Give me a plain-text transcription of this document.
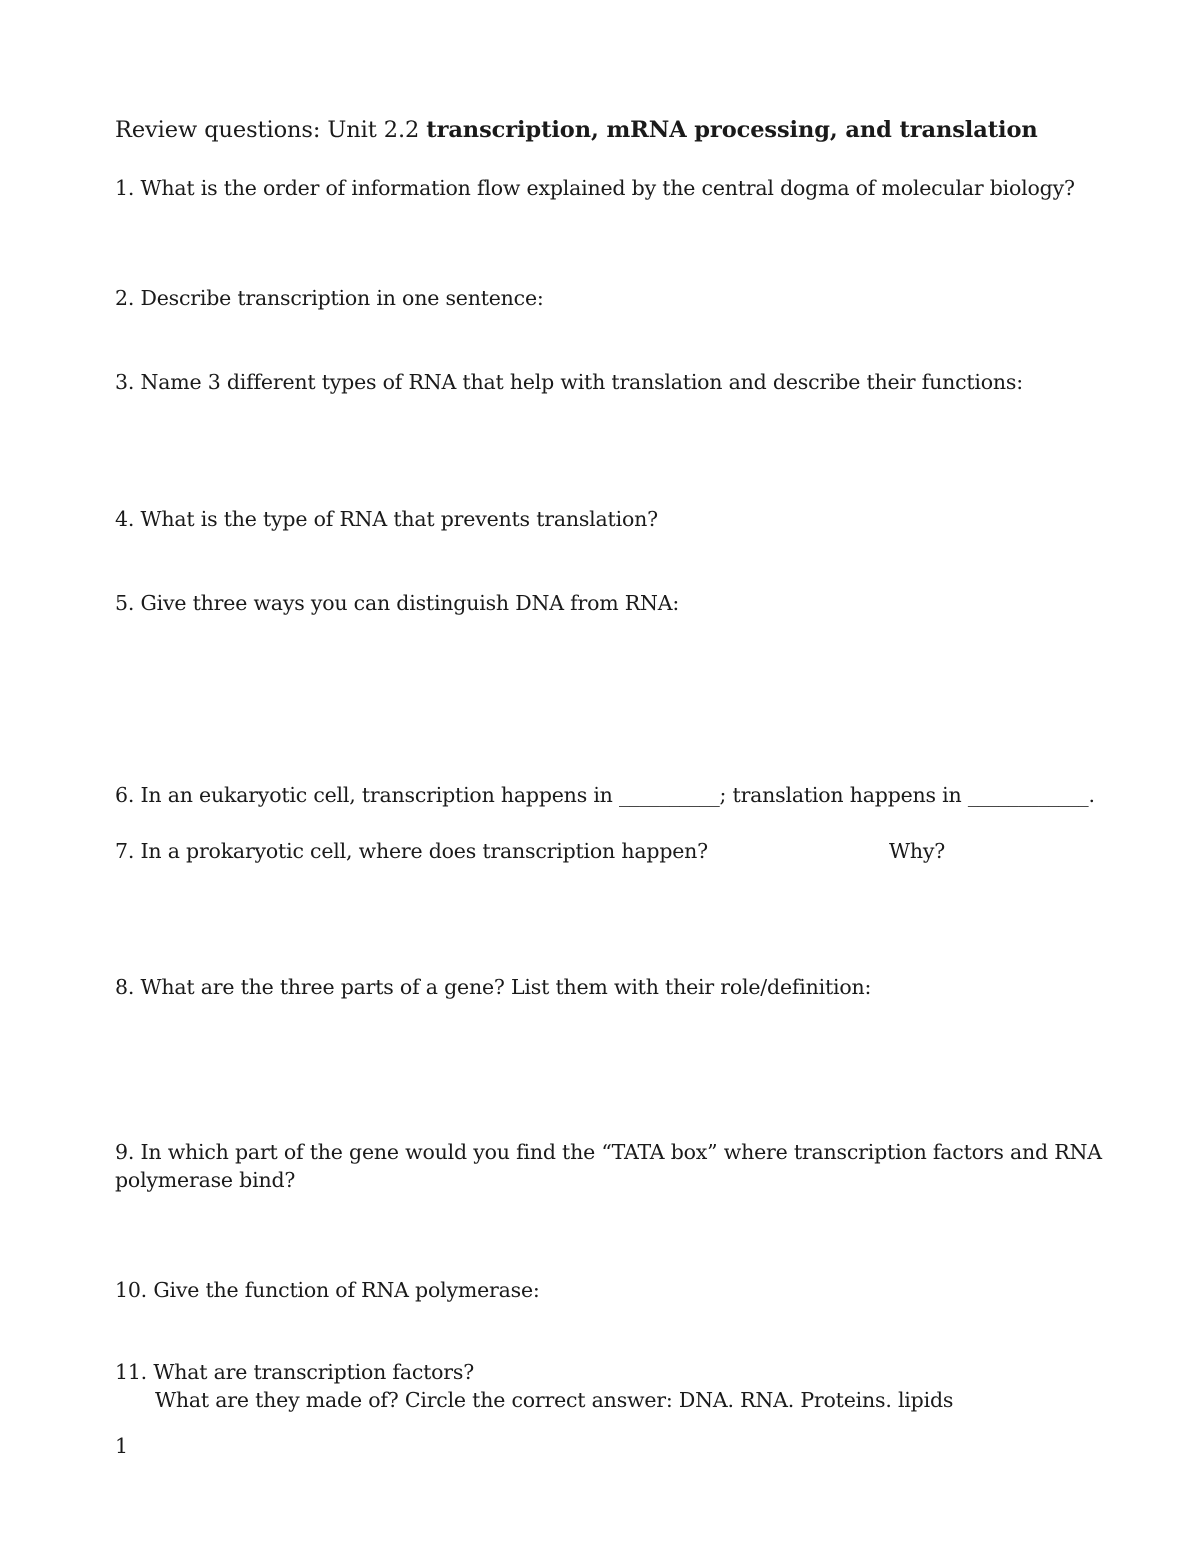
Review questions: Unit 2.2 transcription, mRNA processing, and translation
1. What is the order of information flow explained by the central dogma of molecular biology?
2. Describe transcription in one sentence:
3. Name 3 different types of RNA that help with translation and describe their functions:
4. What is the type of RNA that prevents translation?
5. Give three ways you can distinguish DNA from RNA:
6. In an eukaryotic cell, transcription happens in __________; translation happens in ____________.
7. In a prokaryotic cell, where does transcription happen?	Why?
8. What are the three parts of a gene? List them with their role/definition:
9. In which part of the gene would you find the “TATA box” where transcription factors and RNA
polymerase bind?
10. Give the function of RNA polymerase:
11. What are transcription factors?
What are they made of? Circle the correct answer: DNA. RNA. Proteins. lipids
1
